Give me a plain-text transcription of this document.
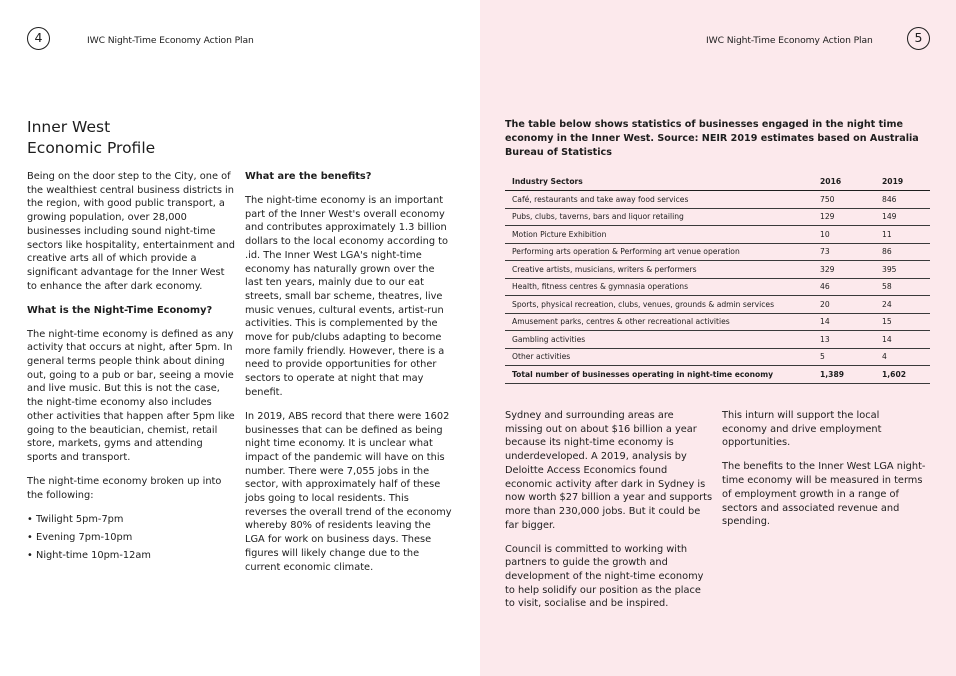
4	IWC Night-Time Economy Action Plan
Inner West
Economic Profile

Being on the door step to the City, one of the wealthiest central business districts in the region, with good public transport, a growing population, over 28,000 businesses including sound night-time sectors like hospitality, entertainment and creative arts all of which provide a significant advantage for the Inner West to enhance the after dark economy.

What is the Night-Time Economy?

The night-time economy is defined as any activity that occurs at night, after 5pm. In general terms people think about dining out, going to a pub or bar, seeing a movie and live music. But this is not the case, the night-time economy also includes other activities that happen after 5pm like going to the beautician, chemist, retail store, markets, gyms and attending sports and transport.

The night-time economy broken up into the following:

• Twilight 5pm-7pm
• Evening 7pm-10pm
• Night-time 10pm-12am
What are the benefits?

The night-time economy is an important part of the Inner West's overall economy and contributes approximately 1.3 billion dollars to the local economy according to .id. The Inner West LGA's night-time economy has naturally grown over the last ten years, mainly due to our eat streets, small bar scheme, theatres, live music venues, cultural events, artist-run activities. This is complemented by the move for pub/clubs adapting to become more family friendly. However, there is a need to provide opportunities for other sectors to operate at night that may benefit.

In 2019, ABS record that there were 1602 businesses that can be defined as being night time economy. It is unclear what impact of the pandemic will have on this number. There were 7,055 jobs in the sector, with approximately half of these jobs going to local residents. This reverses the overall trend of the economy whereby 80% of residents leaving the LGA for work on business days. These figures will likely change due to the current economic climate.

IWC Night-Time Economy Action Plan	5

The table below shows statistics of businesses engaged in the night time economy in the Inner West. Source: NEIR 2019 estimates based on Australia Bureau of Statistics

Industry Sectors	2016	2019
Café, restaurants and take away food services	750	846
Pubs, clubs, taverns, bars and liquor retailing	129	149
Motion Picture Exhibition	10	11
Performing arts operation & Performing art venue operation	73	86
Creative artists, musicians, writers & performers	329	395
Health, fitness centres & gymnasia operations	46	58
Sports, physical recreation, clubs, venues, grounds & admin services	20	24
Amusement parks, centres & other recreational activities	14	15
Gambling activities	13	14
Other activities	5	4
Total number of businesses operating in night-time economy	1,389	1,602

Sydney and surrounding areas are missing out on about $16 billion a year because its night-time economy is underdeveloped. A 2019, analysis by Deloitte Access Economics found economic activity after dark in Sydney is now worth $27 billion a year and supports more than 230,000 jobs. But it could be far bigger.

Council is committed to working with partners to guide the growth and development of the night-time economy to help solidify our position as the place to visit, socialise and be inspired.

This inturn will support the local economy and drive employment opportunities.

The benefits to the Inner West LGA night-time economy will be measured in terms of employment growth in a range of sectors and associated revenue and spending.
